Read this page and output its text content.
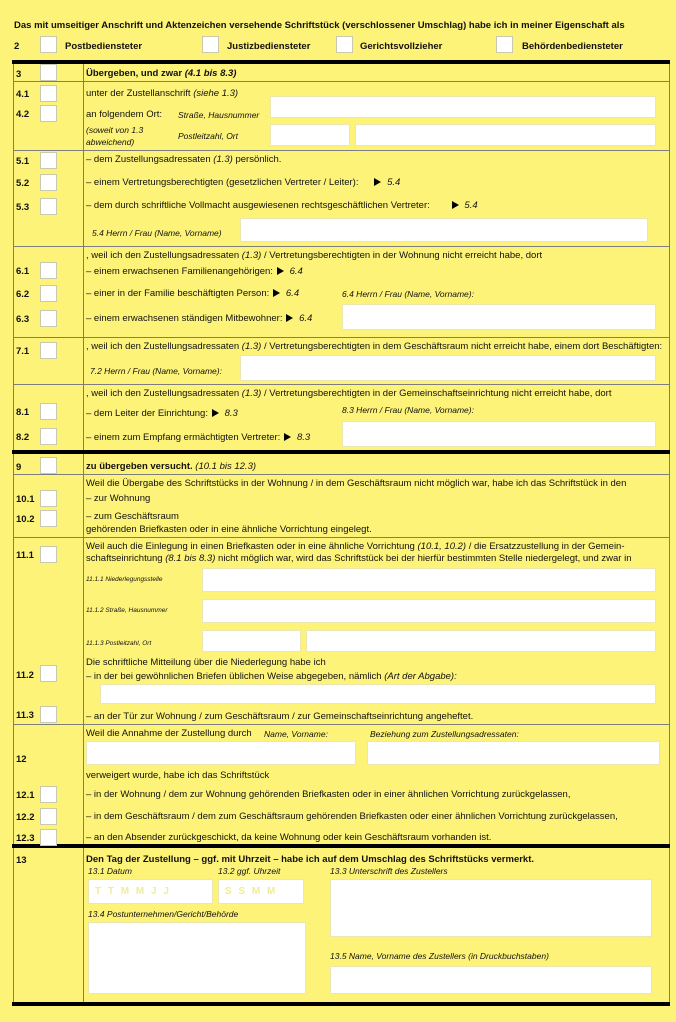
Das mit umseitiger Anschrift und Aktenzeichen versehende Schriftstück (verschlossener Umschlag) habe ich in meiner Eigenschaft als
2	Postbediensteter	Justizbediensteter	Gerichtsvollzieher	Behördenbediensteter
3	Übergeben, und zwar (4.1 bis 8.3)
4.1	unter der Zustellanschrift (siehe 1.3)
4.2	an folgendem Ort: Straße, Hausnummer
(soweit von 1.3 abweichend)
Postleitzahl, Ort
5.1	– dem Zustellungsadressaten (1.3) persönlich.
5.2	– einem Vertretungsberechtigten (gesetzlichen Vertreter / Leiter):	5.4
5.3	– dem durch schriftliche Vollmacht ausgewiesenen rechtsgeschäftlichen Vertreter:	5.4
5.4 Herrn / Frau (Name, Vorname)
, weil ich den Zustellungsadressaten (1.3) / Vertretungsberechtigten in der Wohnung nicht erreicht habe, dort
6.1	– einem erwachsenen Familienangehörigen: 6.4
6.2	– einer in der Familie beschäftigten Person: 6.4	6.4 Herrn / Frau (Name, Vorname):
6.3	– einem erwachsenen ständigen Mitbewohner: 6.4
7.1	, weil ich den Zustellungsadressaten (1.3) / Vertretungsberechtigten in dem Geschäftsraum nicht erreicht habe, einem dort Beschäftigten:
7.2 Herrn / Frau (Name, Vorname):
, weil ich den Zustellungsadressaten (1.3) / Vertretungsberechtigten in der Gemeinschaftseinrichtung nicht erreicht habe, dort
8.1	– dem Leiter der Einrichtung: 8.3	8.3 Herrn / Frau (Name, Vorname):
8.2	– einem zum Empfang ermächtigten Vertreter: 8.3
9	zu übergeben versucht. (10.1 bis 12.3)
Weil die Übergabe des Schriftstücks in der Wohnung / in dem Geschäftsraum nicht möglich war, habe ich das Schriftstück in den
10.1	– zur Wohnung
10.2	– zum Geschäftsraum
gehörenden Briefkasten oder in eine ähnliche Vorrichtung eingelegt.
11.1
Weil auch die Einlegung in einen Briefkasten oder in eine ähnliche Vorrichtung (10.1, 10.2) / die Ersatzzustellung in der Gemein-
schaftseinrichtung (8.1 bis 8.3) nicht möglich war, wird das Schriftstück bei der hierfür bestimmten Stelle niedergelegt, und zwar in
11.1.1 Niederlegungsstelle
11.1.2 Straße, Hausnummer
11.1.3 Postleitzahl, Ort
Die schriftliche Mitteilung über die Niederlegung habe ich
11.2	– in der bei gewöhnlichen Briefen üblichen Weise abgegeben, nämlich (Art der Abgabe):
11.3	– an der Tür zur Wohnung / zum Geschäftsraum / zur Gemeinschaftseinrichtung angeheftet.
Weil die Annahme der Zustellung durch Name, Vorname:	Beziehung zum Zustellungsadressaten:
12
verweigert wurde, habe ich das Schriftstück
12.1	– in der Wohnung / dem zur Wohnung gehörenden Briefkasten oder in einer ähnlichen Vorrichtung zurückgelassen,
12.2	– in dem Geschäftsraum / dem zum Geschäftsraum gehörenden Briefkasten oder einer ähnlichen Vorrichtung zurückgelassen,
12.3	– an den Absender zurückgeschickt, da keine Wohnung oder kein Geschäftsraum vorhanden ist.
13	Den Tag der Zustellung – ggf. mit Uhrzeit – habe ich auf dem Umschlag des Schriftstücks vermerkt.
13.1 Datum	13.2 ggf. Uhrzeit	13.3 Unterschrift des Zustellers
T T M M J J	S S M M
13.4 Postunternehmen/Gericht/Behörde
13.5 Name, Vorname des Zustellers (in Druckbuchstaben)
